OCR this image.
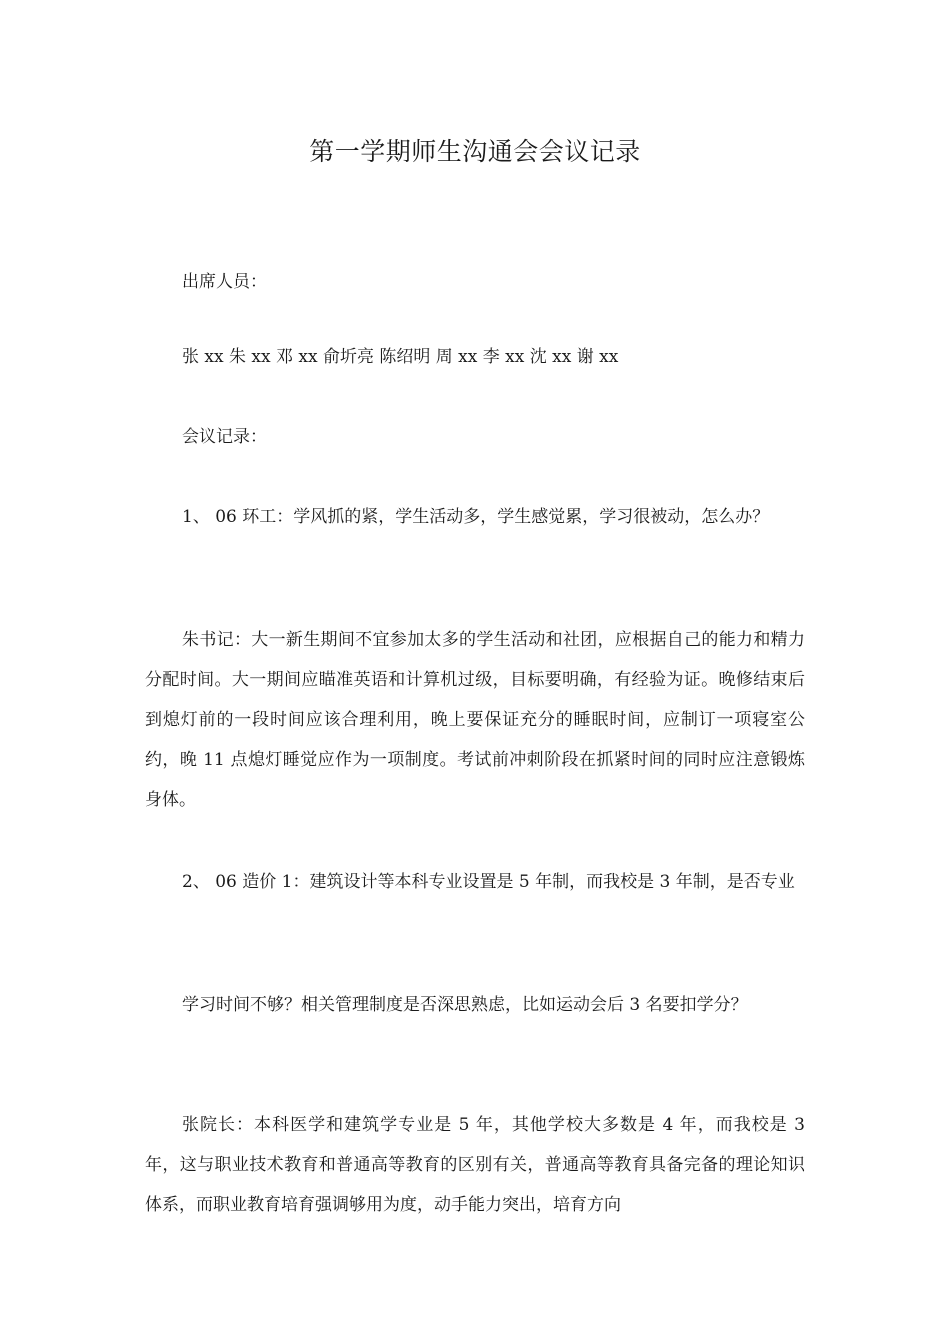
第一学期师生沟通会会议记录
出席人员：
张 xx 朱 xx 邓 xx 俞圻亮 陈绍明 周 xx 李 xx 沈 xx 谢 xx
会议记录：
1、 06 环工：学风抓的紧，学生活动多，学生感觉累，学习很被动，怎么办？
朱书记：大一新生期间不宜参加太多的学生活动和社团，应根据自己的能力和精力分配时间。大一期间应瞄准英语和计算机过级，目标要明确，有经验为证。晚修结束后到熄灯前的一段时间应该合理利用，晚上要保证充分的睡眠时间，应制订一项寝室公约，晚 11 点熄灯睡觉应作为一项制度。考试前冲刺阶段在抓紧时间的同时应注意锻炼身体。
2、 06 造价 1：建筑设计等本科专业设置是 5 年制，而我校是 3 年制，是否专业
学习时间不够？相关管理制度是否深思熟虑，比如运动会后 3 名要扣学分？
张院长：本科医学和建筑学专业是 5 年，其他学校大多数是 4 年，而我校是 3 年，这与职业技术教育和普通高等教育的区别有关，普通高等教育具备完备的理论知识体系，而职业教育培育强调够用为度，动手能力突出，培育方向
